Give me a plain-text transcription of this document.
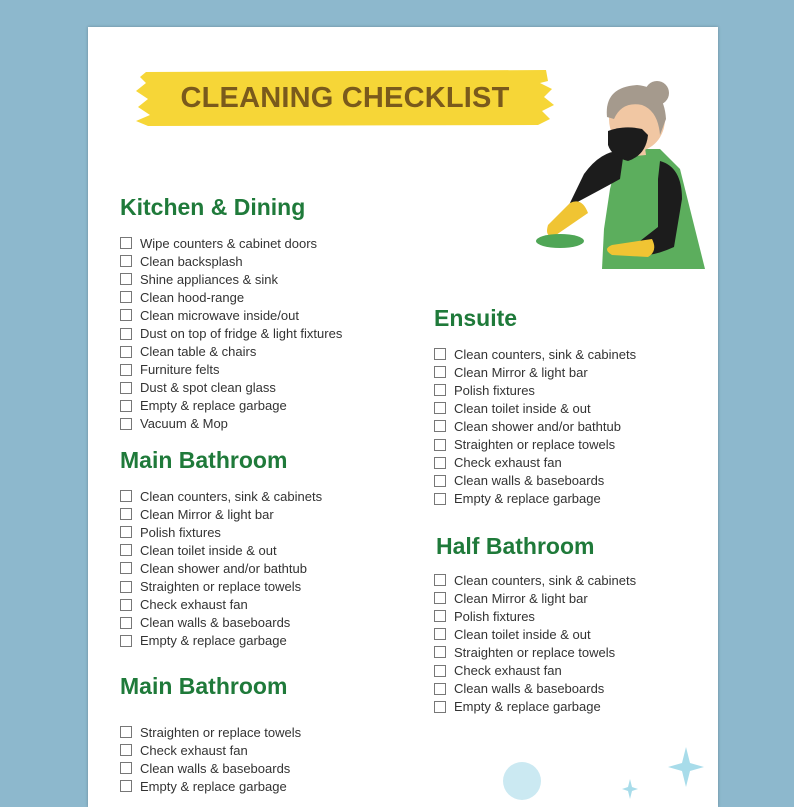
CLEANING CHECKLIST
Kitchen & Dining
Wipe counters & cabinet doors
Clean backsplash
Shine appliances & sink
Clean hood-range
Clean microwave inside/out
Dust on top of fridge & light fixtures
Clean table & chairs
Furniture felts
Dust & spot clean glass
Empty & replace garbage
Vacuum & Mop
Main Bathroom
Clean counters, sink & cabinets
Clean Mirror & light bar
Polish fixtures
Clean toilet inside & out
Clean shower and/or bathtub
Straighten or replace towels
Check exhaust fan
Clean walls & baseboards
Empty & replace garbage
Main Bathroom
Straighten or replace towels
Check exhaust fan
Clean walls & baseboards
Empty & replace garbage
Ensuite
Clean counters, sink & cabinets
Clean Mirror & light bar
Polish fixtures
Clean toilet inside & out
Clean shower and/or bathtub
Straighten or replace towels
Check exhaust fan
Clean walls & baseboards
Empty & replace garbage
Half Bathroom
Clean counters, sink & cabinets
Clean Mirror & light bar
Polish fixtures
Clean toilet inside & out
Straighten or replace towels
Check exhaust fan
Clean walls & baseboards
Empty & replace garbage
